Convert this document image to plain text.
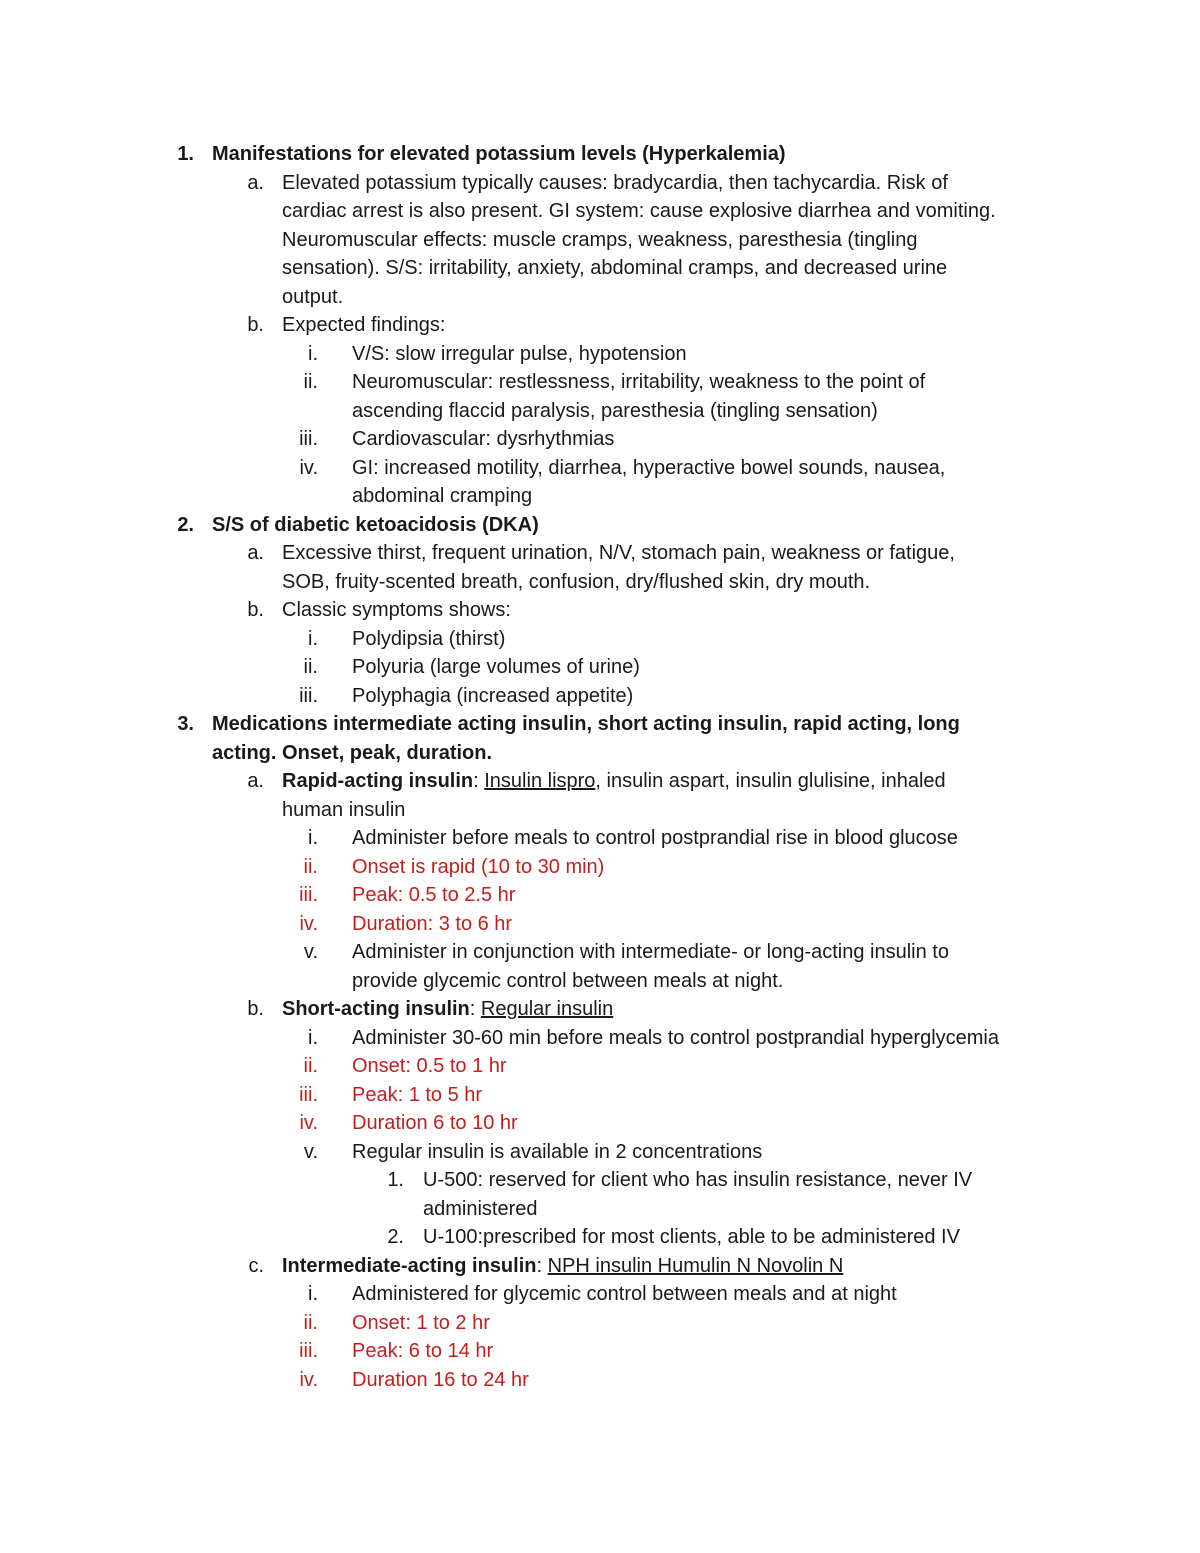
1. Manifestations for elevated potassium levels (Hyperkalemia)
a. Elevated potassium typically causes: bradycardia, then tachycardia. Risk of
cardiac arrest is also present. GI system: cause explosive diarrhea and vomiting.
Neuromuscular effects: muscle cramps, weakness, paresthesia (tingling
sensation). S/S: irritability, anxiety, abdominal cramps, and decreased urine
output.
b. Expected findings:
i. V/S: slow irregular pulse, hypotension
ii. Neuromuscular: restlessness, irritability, weakness to the point of
ascending flaccid paralysis, paresthesia (tingling sensation)
iii. Cardiovascular: dysrhythmias
iv. GI: increased motility, diarrhea, hyperactive bowel sounds, nausea,
abdominal cramping
2. S/S of diabetic ketoacidosis (DKA)
a. Excessive thirst, frequent urination, N/V, stomach pain, weakness or fatigue,
SOB, fruity-scented breath, confusion, dry/flushed skin, dry mouth.
b. Classic symptoms shows:
i. Polydipsia (thirst)
ii. Polyuria (large volumes of urine)
iii. Polyphagia (increased appetite)
3. Medications intermediate acting insulin, short acting insulin, rapid acting, long
acting. Onset, peak, duration.
a. Rapid-acting insulin: Insulin lispro, insulin aspart, insulin glulisine, inhaled
human insulin
i. Administer before meals to control postprandial rise in blood glucose
ii. Onset is rapid (10 to 30 min)
iii. Peak: 0.5 to 2.5 hr
iv. Duration: 3 to 6 hr
v. Administer in conjunction with intermediate- or long-acting insulin to
provide glycemic control between meals at night.
b. Short-acting insulin: Regular insulin
i. Administer 30-60 min before meals to control postprandial hyperglycemia
ii. Onset: 0.5 to 1 hr
iii. Peak: 1 to 5 hr
iv. Duration 6 to 10 hr
v. Regular insulin is available in 2 concentrations
1. U-500: reserved for client who has insulin resistance, never IV
administered
2. U-100:prescribed for most clients, able to be administered IV
c. Intermediate-acting insulin: NPH insulin Humulin N Novolin N
i. Administered for glycemic control between meals and at night
ii. Onset: 1 to 2 hr
iii. Peak: 6 to 14 hr
iv. Duration 16 to 24 hr
